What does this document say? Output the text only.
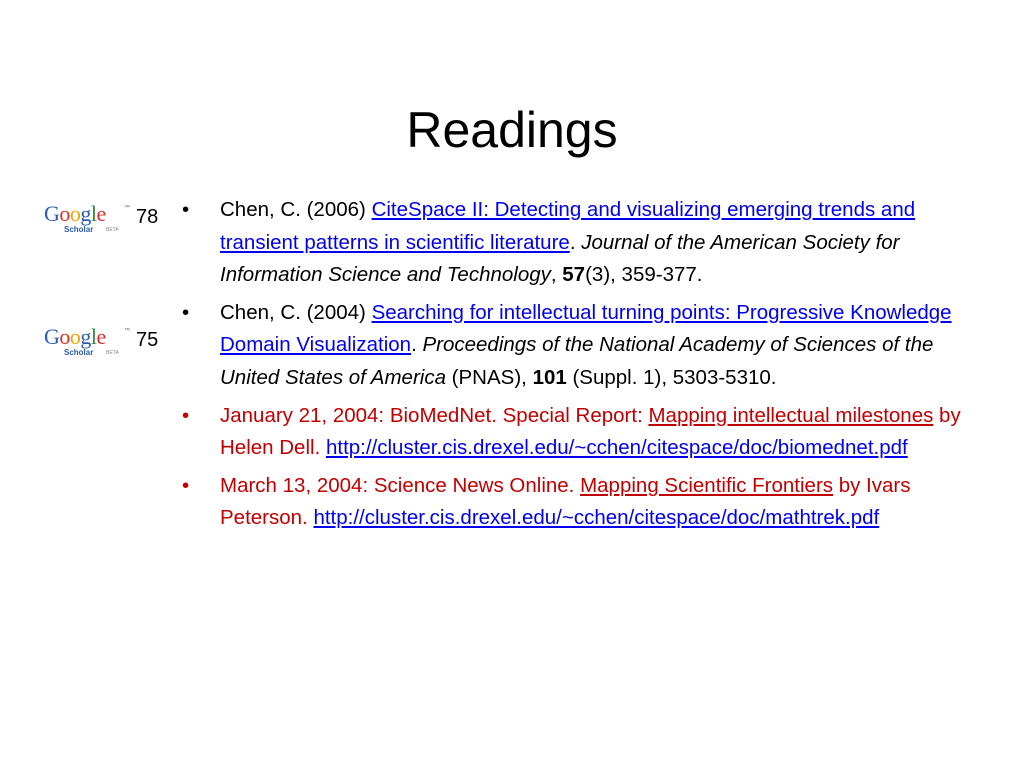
Readings
Google	™
Scholar	BETA
78
Google	™
Scholar	BETA
75
• Chen, C. (2006) CiteSpace II: Detecting and visualizing emerging trends and transient patterns in scientific literature. Journal of the American Society for Information Science and Technology, 57(3), 359-377.
• Chen, C. (2004) Searching for intellectual turning points: Progressive Knowledge Domain Visualization. Proceedings of the National Academy of Sciences of the United States of America (PNAS), 101 (Suppl. 1), 5303-5310.
• January 21, 2004: BioMedNet. Special Report: Mapping intellectual milestones by Helen Dell. http://cluster.cis.drexel.edu/~cchen/citespace/doc/biomednet.pdf
• March 13, 2004: Science News Online. Mapping Scientific Frontiers by Ivars Peterson. http://cluster.cis.drexel.edu/~cchen/citespace/doc/mathtrek.pdf
